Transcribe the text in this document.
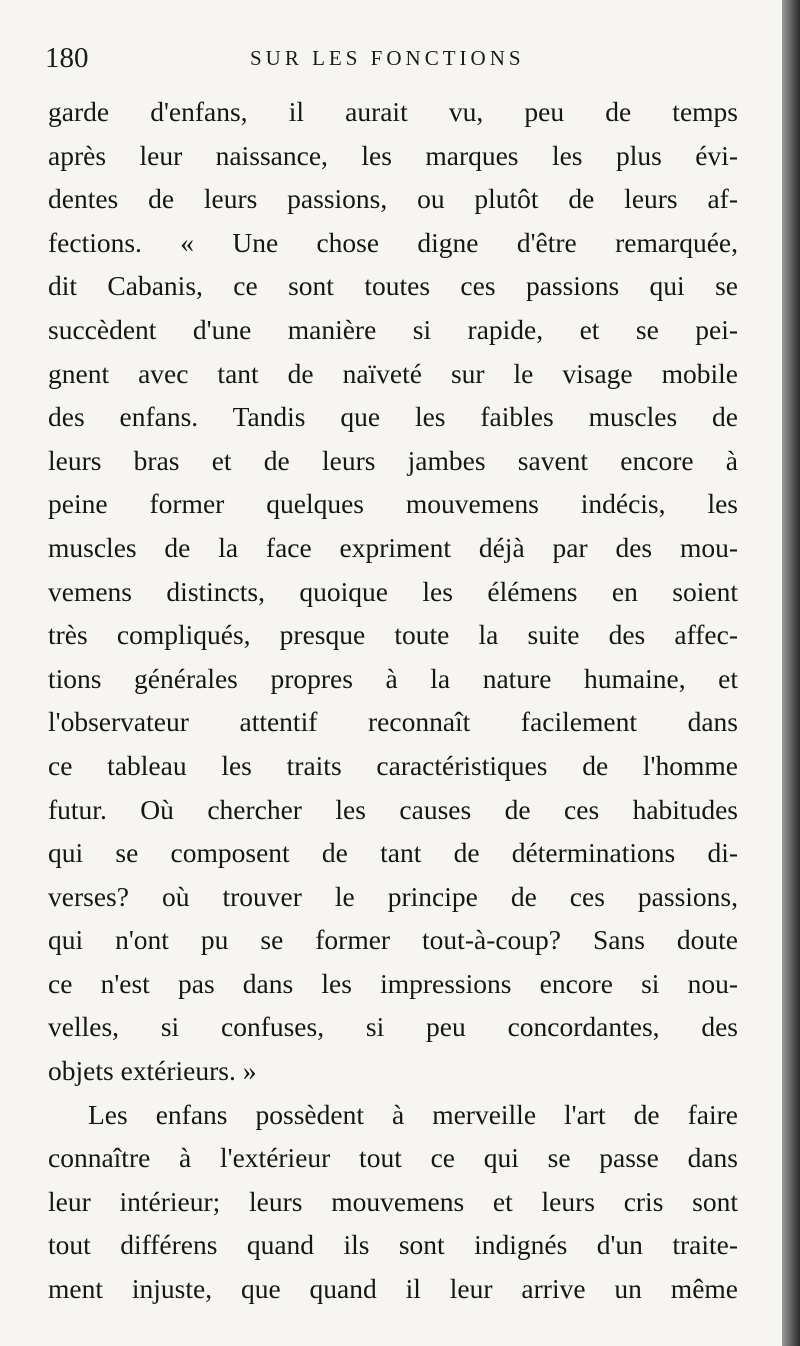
180	SUR LES FONCTIONS
garde d'enfans, il aurait vu, peu de temps
après leur naissance, les marques les plus évi-
dentes de leurs passions, ou plutôt de leurs af-
fections. « Une chose digne d'être remarquée,
dit Cabanis, ce sont toutes ces passions qui se
succèdent d'une manière si rapide, et se pei-
gnent avec tant de naïveté sur le visage mobile
des enfans. Tandis que les faibles muscles de
leurs bras et de leurs jambes savent encore à
peine former quelques mouvemens indécis, les
muscles de la face expriment déjà par des mou-
vemens distincts, quoique les élémens en soient
très compliqués, presque toute la suite des affec-
tions générales propres à la nature humaine, et
l'observateur attentif reconnaît facilement dans
ce tableau les traits caractéristiques de l'homme
futur. Où chercher les causes de ces habitudes
qui se composent de tant de déterminations di-
verses? où trouver le principe de ces passions,
qui n'ont pu se former tout-à-coup? Sans doute
ce n'est pas dans les impressions encore si nou-
velles, si confuses, si peu concordantes, des
objets extérieurs. »
Les enfans possèdent à merveille l'art de faire
connaître à l'extérieur tout ce qui se passe dans
leur intérieur; leurs mouvemens et leurs cris sont
tout différens quand ils sont indignés d'un traite-
ment injuste, que quand il leur arrive un même
